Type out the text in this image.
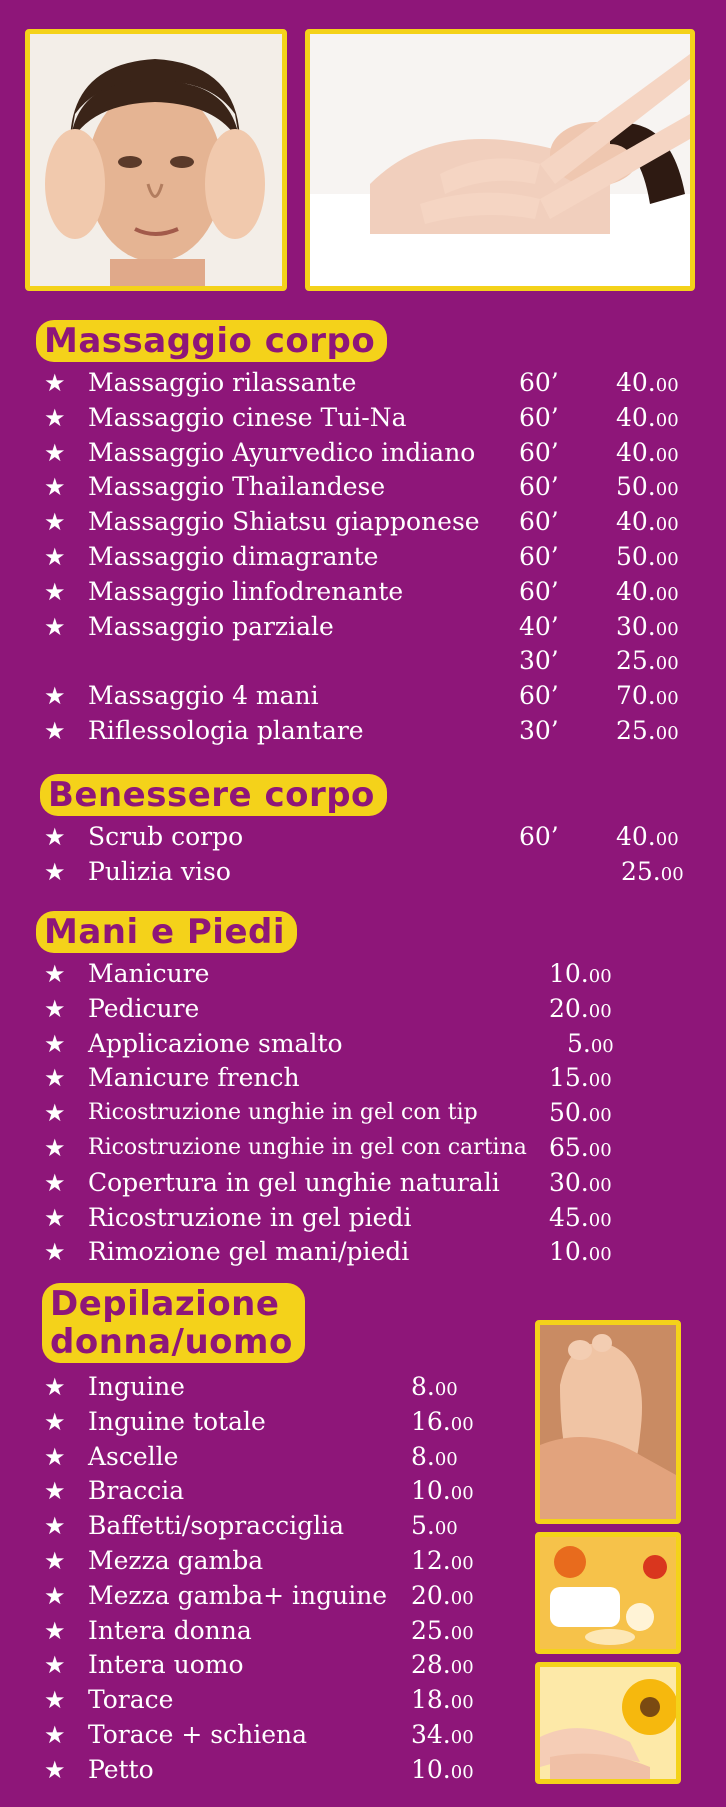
Massaggio corpo
★ Massaggio rilassante	60’ 40.00
★ Massaggio cinese Tui-Na	60’ 40.00
★ Massaggio Ayurvedico indiano 60’ 40.00
★ Massaggio Thailandese	60’ 50.00
★ Massaggio Shiatsu giapponese 60’ 40.00
★ Massaggio dimagrante	60’ 50.00
★ Massaggio linfodrenante	60’ 40.00
★ Massaggio parziale	40’ 30.00
30’ 25.00
★ Massaggio 4 mani	60’ 70.00
★ Riflessologia plantare	30’ 25.00
Benessere corpo
★ Scrub corpo	60’ 40.00
★ Pulizia viso	25.00
Mani e Piedi
★ Manicure	10.00
★ Pedicure	20.00
★ Applicazione smalto	5.00
★ Manicure french	15.00
★ Ricostruzione unghie in gel con tip	50.00
★ Ricostruzione unghie in gel con cartina 65.00
★ Copertura in gel unghie naturali 30.00
★ Ricostruzione in gel piedi	45.00
★ Rimozione gel mani/piedi	10.00
Depilazione
donna/uomo
★ Inguine	8.00
★ Inguine totale	16.00
★ Ascelle	8.00
★ Braccia	10.00
★ Baffetti/sopracciglia	5.00
★ Mezza gamba	12.00
★ Mezza gamba+ inguine 20.00
★ Intera donna	25.00
★ Intera uomo	28.00
★ Torace	18.00
★ Torace + schiena	34.00
★ Petto	10.00
